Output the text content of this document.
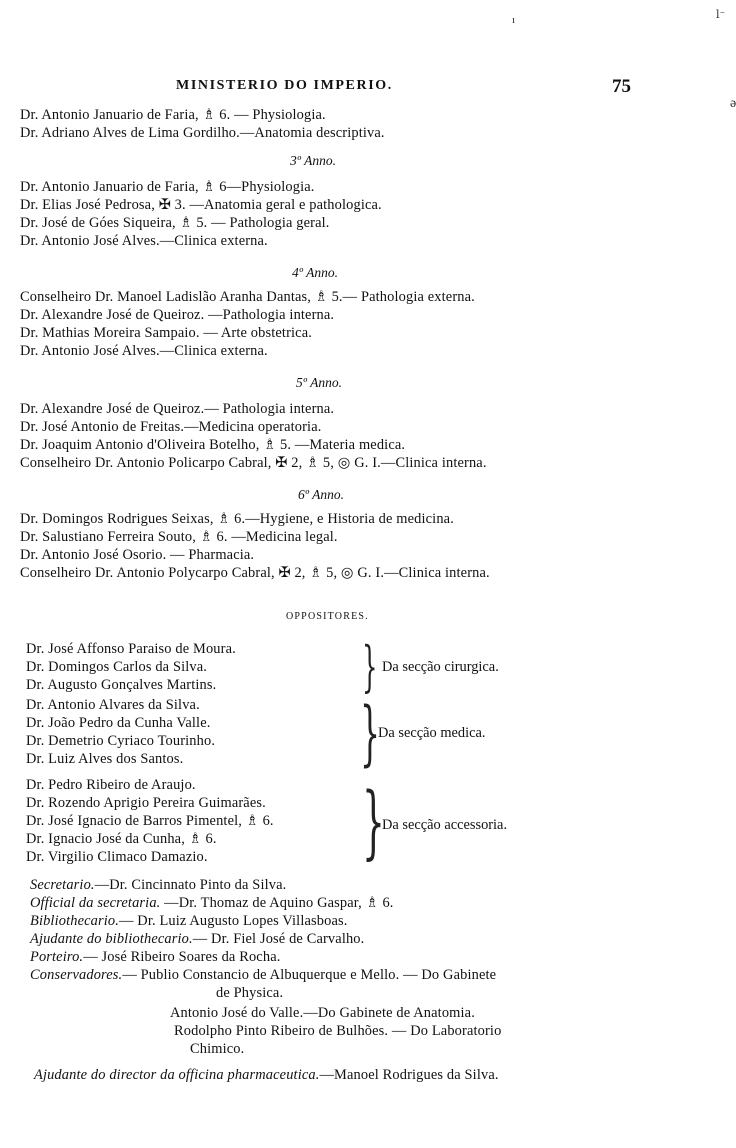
ı	ⅼ⁻
ə
MINISTERIO DO IMPERIO.	75
Dr. Antonio Januario de Faria, ♗ 6. — Physiologia.
Dr. Adriano Alves de Lima Gordilho.—Anatomia descriptiva.
3º Anno.
Dr. Antonio Januario de Faria, ♗ 6—Physiologia.
Dr. Elias José Pedrosa, ✠ 3. —Anatomia geral e pathologica.
Dr. José de Góes Siqueira, ♗ 5. — Pathologia geral.
Dr. Antonio José Alves.—Clinica externa.
4º Anno.
Conselheiro Dr. Manoel Ladislão Aranha Dantas, ♗ 5.— Pathologia externa.
Dr. Alexandre José de Queiroz. —Pathologia interna.
Dr. Mathias Moreira Sampaio. — Arte obstetrica.
Dr. Antonio José Alves.—Clinica externa.
5º Anno.
Dr. Alexandre José de Queiroz.— Pathologia interna.
Dr. José Antonio de Freitas.—Medicina operatoria.
Dr. Joaquim Antonio d'Oliveira Botelho, ♗ 5. —Materia medica.
Conselheiro Dr. Antonio Policarpo Cabral, ✠ 2, ♗ 5, ◎ G. I.—Clinica interna.
6º Anno.
Dr. Domingos Rodrigues Seixas, ♗ 6.—Hygiene, e Historia de medicina.
Dr. Salustiano Ferreira Souto, ♗ 6. —Medicina legal.
Dr. Antonio José Osorio. — Pharmacia.
Conselheiro Dr. Antonio Polycarpo Cabral, ✠ 2, ♗ 5, ◎ G. I.—Clinica interna.
OPPOSITORES.
Dr. José Affonso Paraiso de Moura.
Dr. Domingos Carlos da Silva.
Dr. Augusto Gonçalves Martins.	} Da secção cirurgica.
Dr. Antonio Alvares da Silva.
Dr. João Pedro da Cunha Valle.
Dr. Demetrio Cyriaco Tourinho.
Dr. Luiz Alves dos Santos.	}
Da secção medica.
Dr. Pedro Ribeiro de Araujo.
Dr. Rozendo Aprigio Pereira Guimarães.
Dr. José Ignacio de Barros Pimentel, ♗ 6.
Dr. Ignacio José da Cunha, ♗ 6.
Dr. Virgilio Climaco Damazio. }
Da secção accessoria.
Secretario.—Dr. Cincinnato Pinto da Silva.
Official da secretaria. —Dr. Thomaz de Aquino Gaspar, ♗ 6.
Bibliothecario.— Dr. Luiz Augusto Lopes Villasboas.
Ajudante do bibliothecario.— Dr. Fiel José de Carvalho.
Porteiro.— José Ribeiro Soares da Rocha.
Conservadores.— Publio Constancio de Albuquerque e Mello. — Do Gabinete
de Physica.
Antonio José do Valle.—Do Gabinete de Anatomia.
Rodolpho Pinto Ribeiro de Bulhões. — Do Laboratorio
Chimico.
Ajudante do director da officina pharmaceutica.—Manoel Rodrigues da Silva.
